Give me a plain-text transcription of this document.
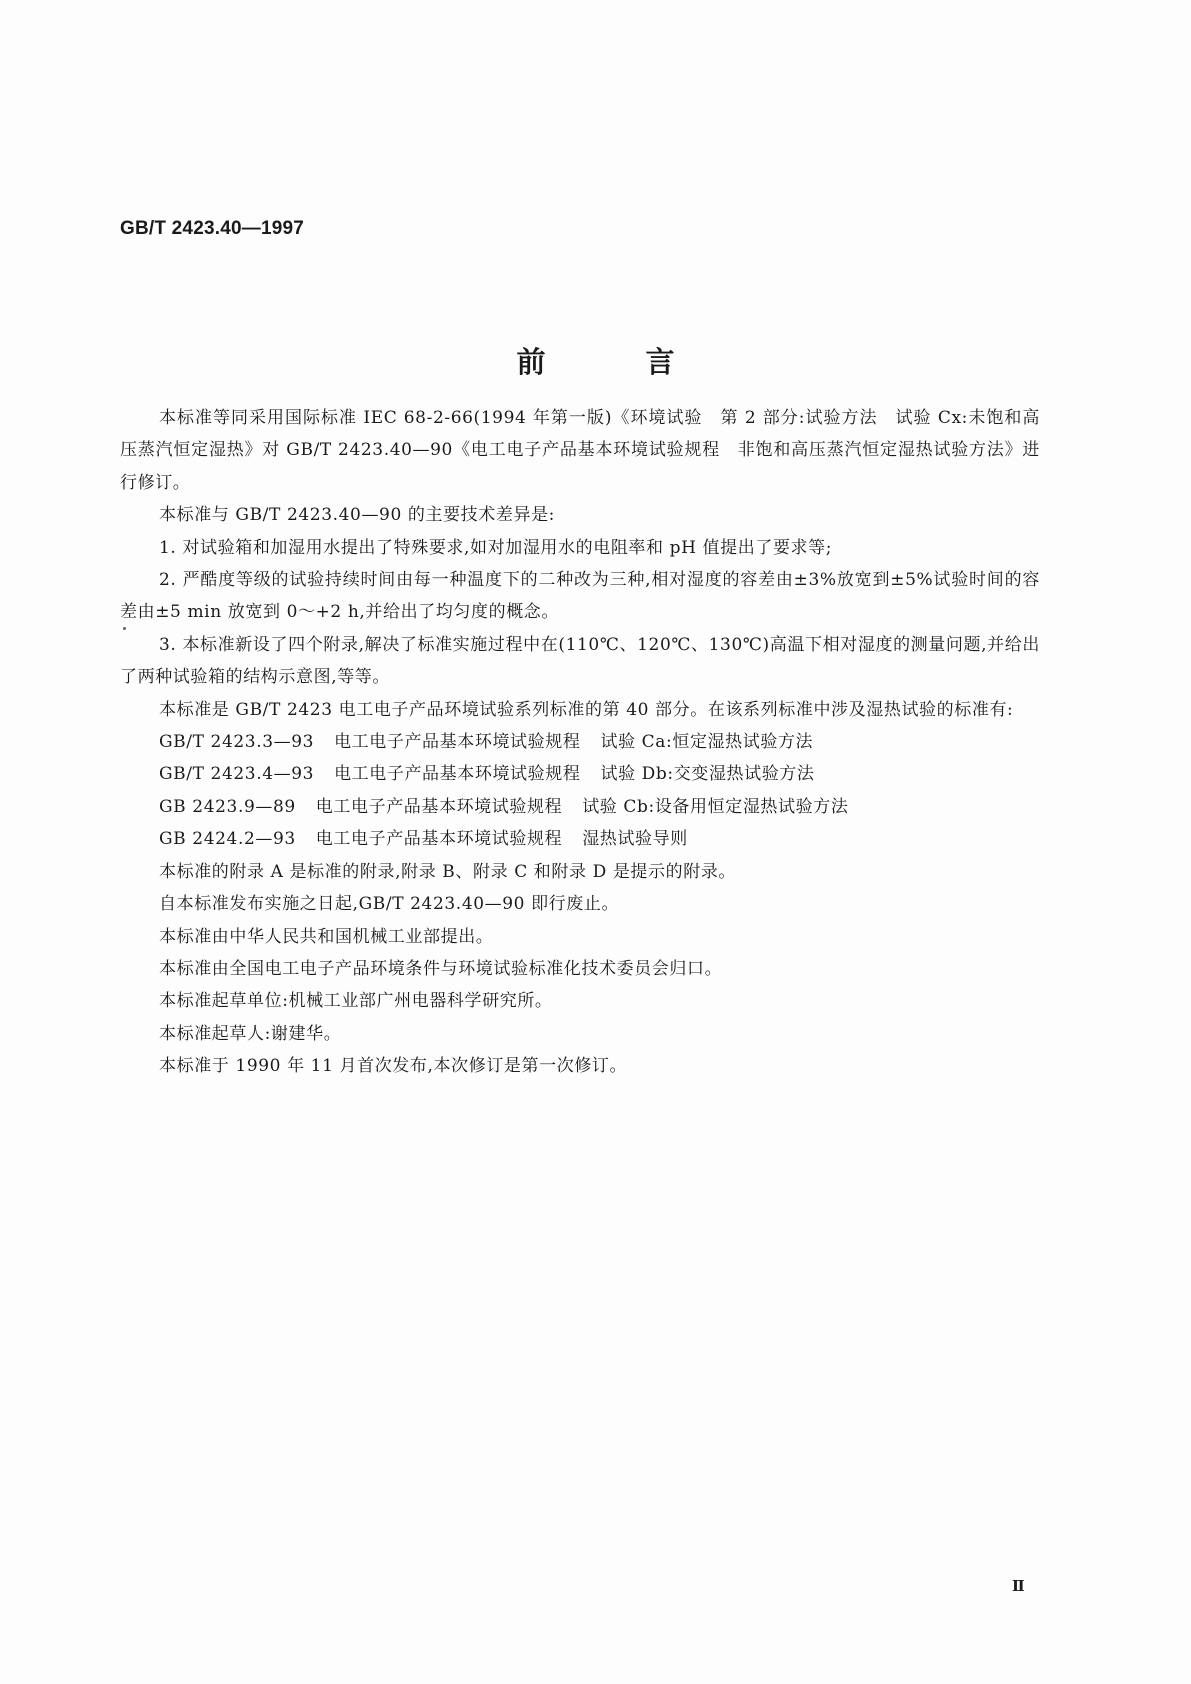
GB/T 2423.40—1997
前言

本标准等同采用国际标准 IEC 68-2-66(1994 年第一版)《环境试验　第 2 部分:试验方法　试验 Cx:未饱和高压蒸汽恒定湿热》对 GB/T 2423.40—90《电工电子产品基本环境试验规程　非饱和高压蒸汽恒定湿热试验方法》进行修订。

本标准与 GB/T 2423.40—90 的主要技术差异是:

1. 对试验箱和加湿用水提出了特殊要求,如对加湿用水的电阻率和 pH 值提出了要求等;

2. 严酷度等级的试验持续时间由每一种温度下的二种改为三种,相对湿度的容差由±3%放宽到±5%试验时间的容差由±5 min 放宽到 0～+2 h,并给出了均匀度的概念。

3. 本标准新设了四个附录,解决了标准实施过程中在(110℃、120℃、130℃)高温下相对湿度的测量问题,并给出了两种试验箱的结构示意图,等等。

本标准是 GB/T 2423 电工电子产品环境试验系列标准的第 40 部分。在该系列标准中涉及湿热试验的标准有:

GB/T 2423.3—93 电工电子产品基本环境试验规程 试验 Ca:恒定湿热试验方法

GB/T 2423.4—93 电工电子产品基本环境试验规程 试验 Db:交变湿热试验方法

GB 2423.9—89 电工电子产品基本环境试验规程 试验 Cb:设备用恒定湿热试验方法

GB 2424.2—93 电工电子产品基本环境试验规程 湿热试验导则

本标准的附录 A 是标准的附录,附录 B、附录 C 和附录 D 是提示的附录。

自本标准发布实施之日起,GB/T 2423.40—90 即行废止。

本标准由中华人民共和国机械工业部提出。

本标准由全国电工电子产品环境条件与环境试验标准化技术委员会归口。

本标准起草单位:机械工业部广州电器科学研究所。

本标准起草人:谢建华。

本标准于 1990 年 11 月首次发布,本次修订是第一次修订。

Ⅱ
